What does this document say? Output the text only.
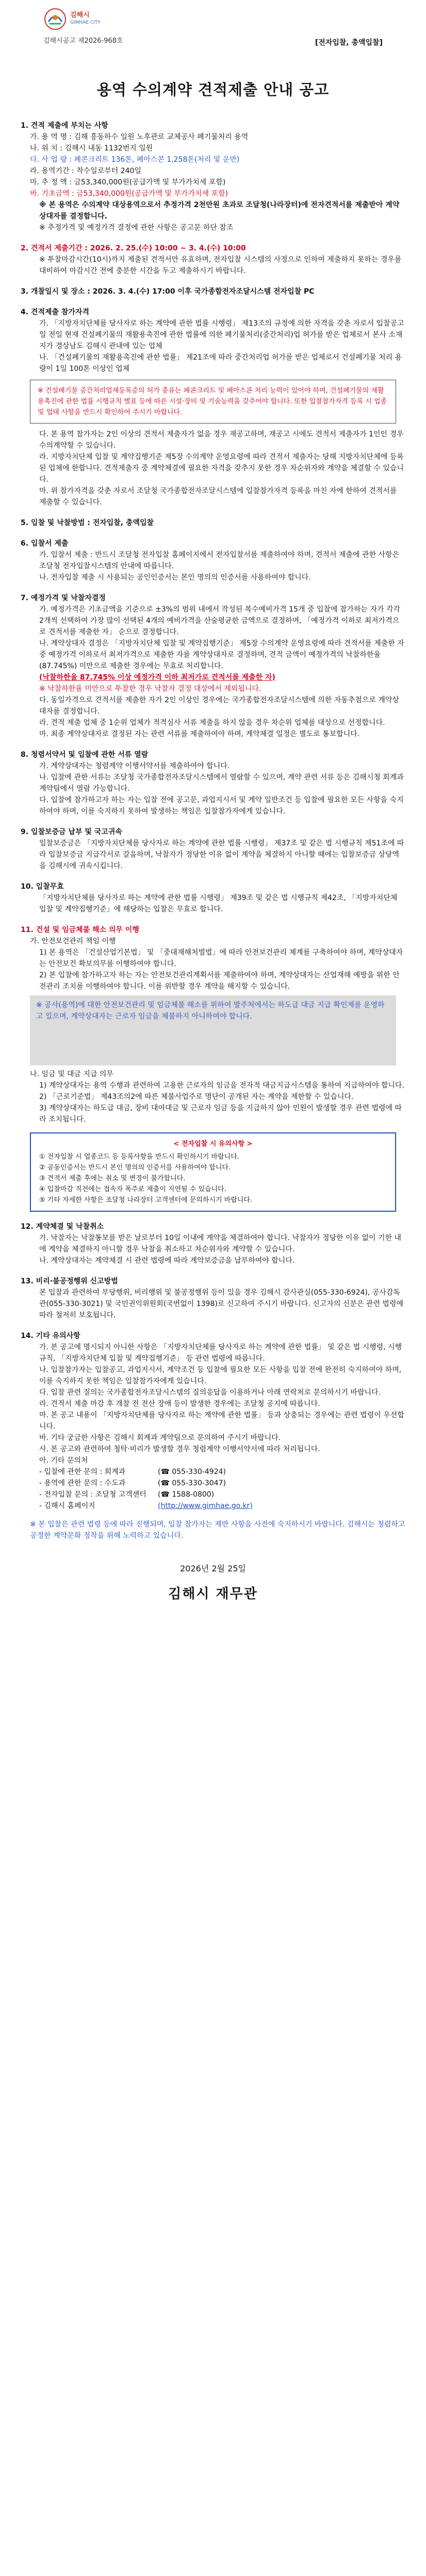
김해시
GIMHAE CITY
김해시공고 제2026-968호	[전자입찰, 총액입찰]
용역 수의계약 견적제출 안내 공고
1. 견적 제출에 부치는 사항
가. 용 역 명 : 김해 흥동하수 일원 노후관로 교체공사 폐기물처리 용역
나. 위 치 : 김해시 내동 1132번지 일원
다. 사 업 량 : 폐콘크리트 136톤, 폐아스콘 1,258톤(처리 및 운반)
라. 용역기간 : 착수일로부터 240일
마. 추 정 액 : 금53,340,000원(공급가액 및 부가가치세 포함)
바. 기초금액 : 금53,340,000원(공급가액 및 부가가치세 포함)
※ 본 용역은 수의계약 대상용역으로서 추정가격 2천만원 초과로 조달청(나라장터)에 전자견적서를 제출받아 계약상대자를 결정합니다.
※ 추정가격 및 예정가격 결정에 관한 사항은 공고문 하단 참조
2. 견적서 제출기간 : 2026. 2. 25.(수) 10:00 ~ 3. 4.(수) 10:00
※ 투찰마감시간(10시)까지 제출된 견적서만 유효하며, 전자입찰 시스템의 사정으로 인하여 제출하지 못하는 경우를 대비하여 마감시간 전에 충분한 시간을 두고 제출하시기 바랍니다.
3. 개찰일시 및 장소 : 2026. 3. 4.(수) 17:00 이후 국가종합전자조달시스템 전자입찰 PC
4. 견적제출 참가자격
가. 「지방자치단체를 당사자로 하는 계약에 관한 법률 시행령」 제13조의 규정에 의한 자격을 갖춘 자로서 입찰공고일 전일 현재 건설폐기물의 재활용촉진에 관한 법률에 의한 폐기물처리(중간처리)업 허가를 받은 업체로서 본사 소재지가 경상남도 김해시 관내에 있는 업체
나. 「건설폐기물의 재활용촉진에 관한 법률」 제21조에 따라 중간처리업 허가를 받은 업체로서 건설폐기물 처리 용량이 1일 100톤 이상인 업체
※ 건설폐기물 중간처리업체등록증의 허가 종류는 폐콘크리트 및 폐아스콘 처리 능력이 있어야 하며, 건설폐기물의 재활용촉진에 관한 법률 시행규칙 별표 등에 따른 시설·장비 및 기술능력을 갖추어야 합니다. 또한 입찰참가자격 등록 시 업종 및 업태 사항을 반드시 확인하여 주시기 바랍니다.
다. 본 용역 참가자는 2인 이상의 견적서 제출자가 없을 경우 재공고하며, 재공고 시에도 견적서 제출자가 1인인 경우 수의계약할 수 있습니다.
라. 지방자치단체 입찰 및 계약집행기준 제5장 수의계약 운영요령에 따라 견적서 제출자는 당해 지방자치단체에 등록된 업체에 한합니다. 견적제출자 중 계약체결에 필요한 자격을 갖추지 못한 경우 차순위자와 계약을 체결할 수 있습니다.
마. 위 참가자격을 갖춘 자로서 조달청 국가종합전자조달시스템에 입찰참가자격 등록을 마친 자에 한하여 견적서를 제출할 수 있습니다.
5. 입찰 및 낙찰방법 : 전자입찰, 총액입찰
6. 입찰서 제출
가. 입찰서 제출 : 반드시 조달청 전자입찰 홈페이지에서 전자입찰서를 제출하여야 하며, 견적서 제출에 관한 사항은 조달청 전자입찰시스템의 안내에 따릅니다.
나. 전자입찰 제출 시 사용되는 공인인증서는 본인 명의의 인증서를 사용하여야 합니다.
7. 예정가격 및 낙찰자결정
가. 예정가격은 기초금액을 기준으로 ±3%의 범위 내에서 작성된 복수예비가격 15개 중 입찰에 참가하는 자가 각각 2개씩 선택하여 가장 많이 선택된 4개의 예비가격을 산술평균한 금액으로 결정하며, 「예정가격 이하로 최저가격으로 견적서를 제출한 자」 순으로 결정합니다.
나. 계약상대자 결정은 「지방자치단체 입찰 및 계약집행기준」 제5장 수의계약 운영요령에 따라 견적서를 제출한 자 중 예정가격 이하로서 최저가격으로 제출한 자를 계약상대자로 결정하며, 견적 금액이 예정가격의 낙찰하한율(87.745%) 미만으로 제출한 경우에는 무효로 처리합니다.
(낙찰하한율 87.745% 이상 예정가격 이하 최저가로 견적서를 제출한 자)
※ 낙찰하한율 미만으로 투찰한 경우 낙찰자 결정 대상에서 제외됩니다.
다. 동일가격으로 견적서를 제출한 자가 2인 이상인 경우에는 국가종합전자조달시스템에 의한 자동추첨으로 계약상대자를 결정합니다.
라. 견적 제출 업체 중 1순위 업체가 적격심사 서류 제출을 하지 않을 경우 차순위 업체를 대상으로 선정합니다.
마. 최종 계약상대자로 결정된 자는 관련 서류를 제출하여야 하며, 계약체결 일정은 별도로 통보합니다.
8. 청렴서약서 및 입찰에 관한 서류 열람
가. 계약상대자는 청렴계약 이행서약서를 제출하여야 합니다.
나. 입찰에 관한 서류는 조달청 국가종합전자조달시스템에서 열람할 수 있으며, 계약 관련 서류 등은 김해시청 회계과 계약팀에서 열람 가능합니다.
다. 입찰에 참가하고자 하는 자는 입찰 전에 공고문, 과업지시서 및 계약 일반조건 등 입찰에 필요한 모든 사항을 숙지하여야 하며, 이를 숙지하지 못하여 발생하는 책임은 입찰참가자에게 있습니다.
9. 입찰보증금 납부 및 국고귀속
입찰보증금은 「지방자치단체를 당사자로 하는 계약에 관한 법률 시행령」 제37조 및 같은 법 시행규칙 제51조에 따라 입찰보증금 지급각서로 갈음하며, 낙찰자가 정당한 이유 없이 계약을 체결하지 아니할 때에는 입찰보증금 상당액을 김해시에 귀속시킵니다.
10. 입찰무효
「지방자치단체를 당사자로 하는 계약에 관한 법률 시행령」 제39조 및 같은 법 시행규칙 제42조, 「지방자치단체 입찰 및 계약집행기준」에 해당하는 입찰은 무효로 합니다.
11. 건설 및 임금체불 해소 의무 이행
가. 안전보건관리 책임 이행
1) 본 용역은 「건설산업기본법」 및 「중대재해처벌법」에 따라 안전보건관리 체계를 구축하여야 하며, 계약상대자는 안전보건 확보의무를 이행하여야 합니다.
2) 본 입찰에 참가하고자 하는 자는 안전보건관리계획서를 제출하여야 하며, 계약상대자는 산업재해 예방을 위한 안전관리 조치를 이행하여야 합니다. 이를 위반할 경우 계약을 해지할 수 있습니다.
※ 공사(용역)에 대한 안전보건관리 및 임금체불 해소를 위하여 발주처에서는 하도급 대금 지급 확인제를 운영하고 있으며, 계약상대자는 근로자 임금을 체불하지 아니하여야 합니다.
나. 임금 및 대금 지급 의무
1) 계약상대자는 용역 수행과 관련하여 고용한 근로자의 임금을 전자적 대금지급시스템을 통하여 지급하여야 합니다.
2) 「근로기준법」 제43조의2에 따른 체불사업주로 명단이 공개된 자는 계약을 제한할 수 있습니다.
3) 계약상대자는 하도급 대금, 장비 대여대금 및 근로자 임금 등을 지급하지 않아 민원이 발생할 경우 관련 법령에 따라 조치됩니다.
< 전자입찰 시 유의사항 >
① 전자입찰 시 업종코드 등 등록사항을 반드시 확인하시기 바랍니다.
② 공동인증서는 반드시 본인 명의의 인증서를 사용하여야 합니다.
③ 견적서 제출 후에는 취소 및 변경이 불가합니다.
④ 입찰마감 직전에는 접속자 폭주로 제출이 지연될 수 있습니다.
⑤ 기타 자세한 사항은 조달청 나라장터 고객센터에 문의하시기 바랍니다.
12. 계약체결 및 낙찰취소
가. 낙찰자는 낙찰통보를 받은 날로부터 10일 이내에 계약을 체결하여야 합니다. 낙찰자가 정당한 이유 없이 기한 내에 계약을 체결하지 아니할 경우 낙찰을 취소하고 차순위자와 계약할 수 있습니다.
나. 계약상대자는 계약체결 시 관련 법령에 따라 계약보증금을 납부하여야 합니다.
13. 비리·불공정행위 신고방법
본 입찰과 관련하여 부당행위, 비리행위 및 불공정행위 등이 있을 경우 김해시 감사관실(055-330-6924), 공사감독관(055-330-3021) 및 국민권익위원회(국번없이 1398)로 신고하여 주시기 바랍니다. 신고자의 신분은 관련 법령에 따라 철저히 보호됩니다.
14. 기타 유의사항
가. 본 공고에 명시되지 아니한 사항은 「지방자치단체를 당사자로 하는 계약에 관한 법률」 및 같은 법 시행령, 시행규칙, 「지방자치단체 입찰 및 계약집행기준」 등 관련 법령에 따릅니다.
나. 입찰참가자는 입찰공고, 과업지시서, 계약조건 등 입찰에 필요한 모든 사항을 입찰 전에 완전히 숙지하여야 하며, 이를 숙지하지 못한 책임은 입찰참가자에게 있습니다.
다. 입찰 관련 질의는 국가종합전자조달시스템의 질의응답을 이용하거나 아래 연락처로 문의하시기 바랍니다.
라. 견적서 제출 마감 후 개찰 전 전산 장애 등이 발생한 경우에는 조달청 공지에 따릅니다.
마. 본 공고 내용이 「지방자치단체를 당사자로 하는 계약에 관한 법률」 등과 상충되는 경우에는 관련 법령이 우선합니다.
바. 기타 궁금한 사항은 김해시 회계과 계약팀으로 문의하여 주시기 바랍니다.
사. 본 공고와 관련하여 청탁·비리가 발생할 경우 청렴계약 이행서약서에 따라 처리됩니다.
아. 기타 문의처
- 입찰에 관한 문의 : 회계과	(☎ 055-330-4924)
- 용역에 관한 문의 : 수도과	(☎ 055-330-3047)
- 전자입찰 문의 : 조달청 고객센터	(☎ 1588-0800)
- 김해시 홈페이지	(http://www.gimhae.go.kr)
※ 본 입찰은 관련 법령 등에 따라 진행되며, 입찰 참가자는 제반 사항을 사전에 숙지하시기 바랍니다. 김해시는 청렴하고 공정한 계약문화 정착을 위해 노력하고 있습니다.
2026년 2월 25일
김해시 재무관
